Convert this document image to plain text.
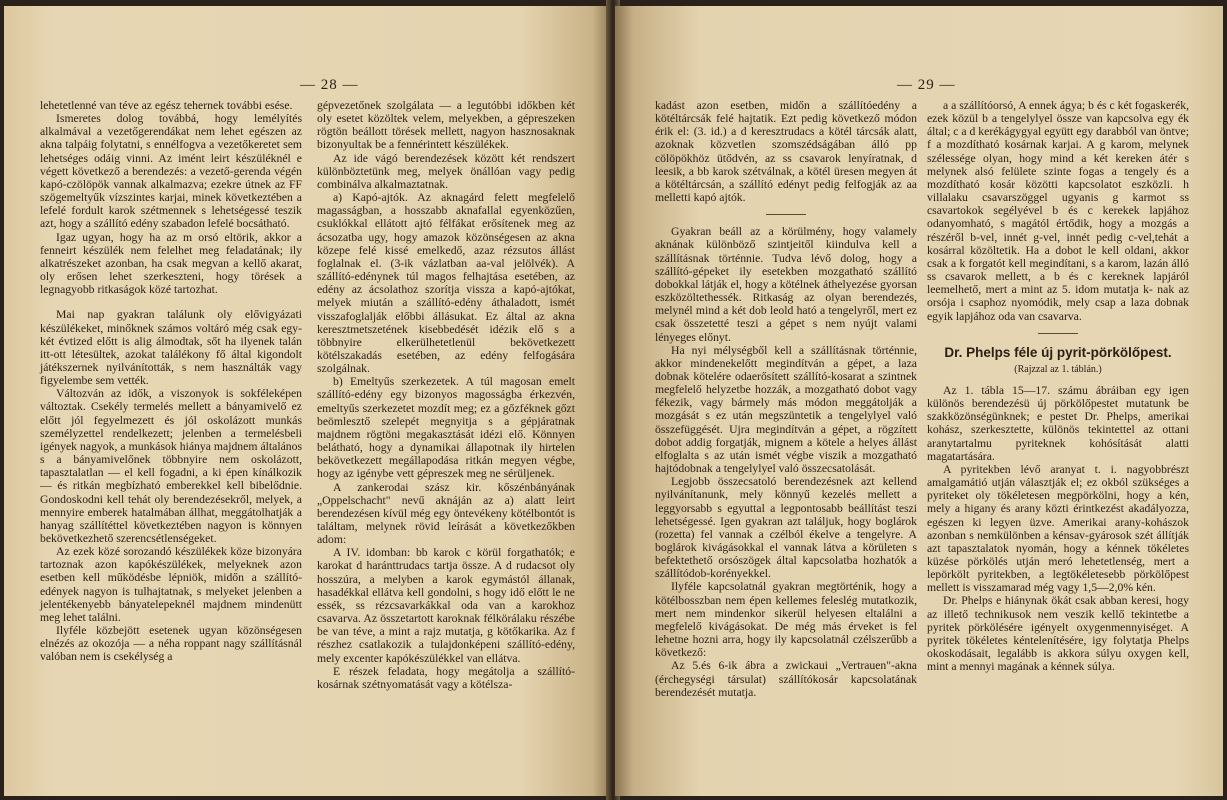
— 28 —

lehetetlenné van téve az egész tehernek további esése.

Ismeretes dolog továbbá, hogy lemélyítés alkalmával a vezetőgerendákat nem lehet egészen az akna talpáig folytatni, s ennélfogva a vezetőkeretet sem lehetséges odáig vinni. Az imént leirt készüléknél e végett következő a berendezés: a vezető-gerenda végén kapó-czölöpök vannak alkalmazva; ezekre útnek az FF szögemeltyűk vízszintes karjai, minek következtében a lefelé fordult karok szétmennek s lehetségessé teszik azt, hogy a szállító edény szabadon lefelé bocsátható.

Igaz ugyan, hogy ha az m orsó eltörik, akkor a fenneirt készülék nem felelhet meg feladatának; ily alkatrészeket azonban, ha csak megvan a kellő akarat, oly erősen lehet szerkeszteni, hogy törések a legnagyobb ritkaságok közé tartozhat.

Mai nap gyakran találunk oly elővigyázati készülékeket, minőknek számos voltáró még csak egy-két évtized előtt is alig álmodtak, sőt ha ilyenek talán itt-ott létesültek, azokat találékony fő által kigondolt játékszernek nyilvánították, s nem használták vagy figyelembe sem vették.

Változván az idők, a viszonyok is sokféleképen változtak. Csekély termelés mellett a bányamivelő ez előtt jól fegyelmezett és jól oskolázott munkás személyzettel rendelkezett; jelenben a termelésbeli igények nagyok, a munkások hiánya majdnem általános s a bányamivelőnek többnyire nem oskolázott, tapasztalatlan — el kell fogadni, a ki épen kínálkozik — és ritkán megbízható emberekkel kell bibelődnie. Gondoskodni kell tehát oly berendezésekről, melyek, a mennyire emberek hatalmában állhat, meggátolhatják a hanyag szállítéttel következtében nagyon is könnyen bekövetkezhető szerencsétlenségeket.

Az ezek közé sorozandó készülékek köze bizonyára tartoznak azon kapókészülékek, melyeknek azon esetben kell működésbe lépniök, midőn a szállító-edények nagyon is tulhajtatnak, s melyeket jelenben a jelentékenyebb bányatelepeknél majdnem mindenütt meg lehet találni.

Ilyféle közbejött esetenek ugyan közönségesen elnézés az okozója — a néha roppant nagy szállításnál valóban nem is csekélység a

gépvezetőnek szolgálata — a legutóbbi időkben két oly esetet közöltek velem, melyekben, a gépreszeken rögtön beállott törések mellett, nagyon hasznosaknak bizonyultak be a fennérintett készülékek.

Az ide vágó berendezések között két rendszert különböztetünk meg, melyek önállóan vagy pedig combinálva alkalmaztatnak.

a) Kapó-ajtók. Az aknagárd felett megfelelő magasságban, a hosszabb aknafallal egyenközűen, csuklókkal ellátott ajtó félfákat erősítenek meg az ácsozatba ugy, hogy amazok közönségesen az akna közepe felé kissé emelkedő, azaz rézsutos állást foglalnak el. (3-ik vázlatban aa-val jelölvék). A szállító-edénynek túl magos felhajtása esetében, az edény az ácsolathoz szorítja vissza a kapó-ajtókat, melyek miután a szállító-edény áthaladott, ismét visszafoglalják előbbi állásukat. Ez által az akna keresztmetszetének kisebbedését idézik elő s a többnyire elkerülhetetlenül bekövetkezett kötélszakadás esetében, az edény felfogására szolgálnak.

b) Emeltyűs szerkezetek. A túl magosan emelt szállító-edény egy bizonyos magosságba érkezvén, emeltyűs szerkezetet mozdít meg; ez a gőzféknek gőzt beömlesztő szelepét megnyitja s a gépjáratnak majdnem rögtöni megakasztását idézi elő. Könnyen belátható, hogy a dynamikai állapotnak ily hirtelen bekövetkezett megállapodása ritkán megyen végbe, hogy az igénybe vett gépreszek meg ne sérüljenek.

A zankerodai szász kir. kőszénbányának „Oppelschacht" nevű aknáján az a) alatt leirt berendezésen kívül még egy öntevékeny kötélbontót is találtam, melynek rövid leírását a következőkben adom:

A IV. idomban: bb karok c körül forgathatók; e karokat d haránttrudacs tartja össze. A d rudacsot oly hosszúra, a melyben a karok egymástól állanak, hasadékkal ellátva kell gondolni, s hogy idő előtt le ne essék, ss rézcsavarkákkal oda van a karokhoz csavarva. Az összetartott karoknak félkörálaku részébe be van téve, a mint a rajz mutatja, g kötőkarika. Az f részhez csatlakozik a tulajdonképeni szállító-edény, mely excenter kapókészülékkel van ellátva.

E részek feladata, hogy megátolja a szállító-kosárnak szétnyomatását vagy a kötélsza-

— 29 —

kadást azon esetben, midőn a szállítóedény a kötéltárcsák felé hajtatik. Ezt pedig következő módon érik el: (3. id.) a d keresztrudacs a kötél tárcsák alatt, azoknak közvetlen szomszédságában álló pp cölöpökhöz ütődvén, az ss csavarok lenyíratnak, d leesik, a bb karok szétválnak, a kötél üresen megyen át a kötéltárcsán, a szállító edényt pedig felfogják az aa melletti kapó ajtók.

Gyakran beáll az a körülmény, hogy valamely aknának különböző szintjeitől kiindulva kell a szállításnak történnie. Tudva lévő dolog, hogy a szállító-gépeket ily esetekben mozgatható szállító dobokkal látják el, hogy a kötélnek áthelyezése gyorsan eszközöltethessék. Ritkaság az olyan berendezés, melynél mind a két dob leold ható a tengelyről, mert ez csak összetetté teszi a gépet s nem nyújt valami lényeges előnyt.

Ha nyi mélységből kell a szállításnak történnie, akkor mindenekelőtt megindítván a gépet, a laza dobnak kötelére odaerősített szállító-kosarat a szintnek megfelelő helyzetbe hozzák, a mozgatható dobot vagy fékezik, vagy bármely más módon meggátolják a mozgását s ez után megszüntetik a tengelylyel való összefüggését. Ujra megindítván a gépet, a rögzített dobot addig forgatják, mignem a kötele a helyes állást elfoglalta s az után ismét végbe viszik a mozgatható hajtódobnak a tengelylyel való összecsatolását.

Legjobb összecsatoló berendezésnek azt kellend nyilvánítanunk, mely könnyű kezelés mellett a leggyorsabb s egyuttal a legpontosabb beállítást teszi lehetségessé. Igen gyakran azt találjuk, hogy boglárok (rozetta) fel vannak a czélból ékelve a tengelyre. A boglárok kivágásokkal el vannak látva a körületen s befektethető orsószögek által kapcsolatba hozhatók a szállítódob-korényekkel.

Ilyféle kapcsolatnál gyakran megtörténik, hogy a kötélbosszban nem épen kellemes feleslég mutatkozik, mert nem mindenkor sikerül helyesen eltalálni a megfelelő kivágásokat. De még más érveket is fel lehetne hozni arra, hogy ily kapcsolatnál czélszerűbb a következő:

Az 5.és 6-ik ábra a zwickaui „Vertrauen"-akna (érchegységi társulat) szállítókosár kapcsolatának berendezését mutatja.

a a szállítóorsó, A ennek ágya; b és c két fogaskerék, ezek közül b a tengelylyel össze van kapcsolva egy ék által; c a d kerékágygyal együtt egy darabból van öntve; f a mozdítható kosárnak karjai. A g karom, melynek szélessége olyan, hogy mind a két kereken átér s melynek alsó felülete szinte fogas a tengely és a mozdítható kosár közötti kapcsolatot eszközli. h villalaku csavarszöggel ugyanis g karmot ss csavartokok segélyével b és c kerekek lapjához odanyomható, s magától értődik, hogy a mozgás a részéről b-vel, innét g-vel, innét pedig c-vel,tehát a kosárral közöltetik. Ha a dobot le kell oldani, akkor csak a k forgatót kell megindítani, s a karom, lazán álló ss csavarok mellett, a b és c kereknek lapjáról leemelhető, mert a mint az 5. idom mutatja k- nak az orsója i csaphoz nyomódik, mely csap a laza dobnak egyik lapjához oda van csavarva.

Dr. Phelps féle új pyrit-pörkölőpest.
(Rajzzal az 1. táblán.)

Az 1. tábla 15—17. számu ábráiban egy igen különös berendezésü új pörkölőpestet mutatunk be szakközönségünknek; e pestet Dr. Phelps, amerikai kohász, szerkesztette, különös tekintettel az ottani aranytartalmu pyriteknek kohósítását alatti magatartására.

A pyritekben lévő aranyat t. i. nagyobbrészt amalgamátió utján választják el; ez okból szükséges a pyriteket oly tökéletesen megpörkölni, hogy a kén, mely a higany és arany közti érintkezést akadályozza, egészen ki legyen üzve. Amerikai arany-kohászok azonban s nemkülönben a kénsav-gyárosok szét állítják azt tapasztalatok nyomán, hogy a kénnek tökéletes küzése pörkölés utján meró lehetetlenség, mert a lepörkölt pyritekben, a legtökéletesebb pörkölőpest mellett is visszamarad még vagy 1,5—2,0% kén.

Dr. Phelps e hiánynak ökát csak abban keresi, hogy az illető technikusok nem veszik kellő tekintetbe a pyritek pörkölésére igényelt oxygenmennyiséget. A pyritek tökéletes kéntelenítésére, igy folytatja Phelps okoskodásait, legalább is akkora súlyu oxygen kell, mint a mennyi magának a kénnek súlya.
